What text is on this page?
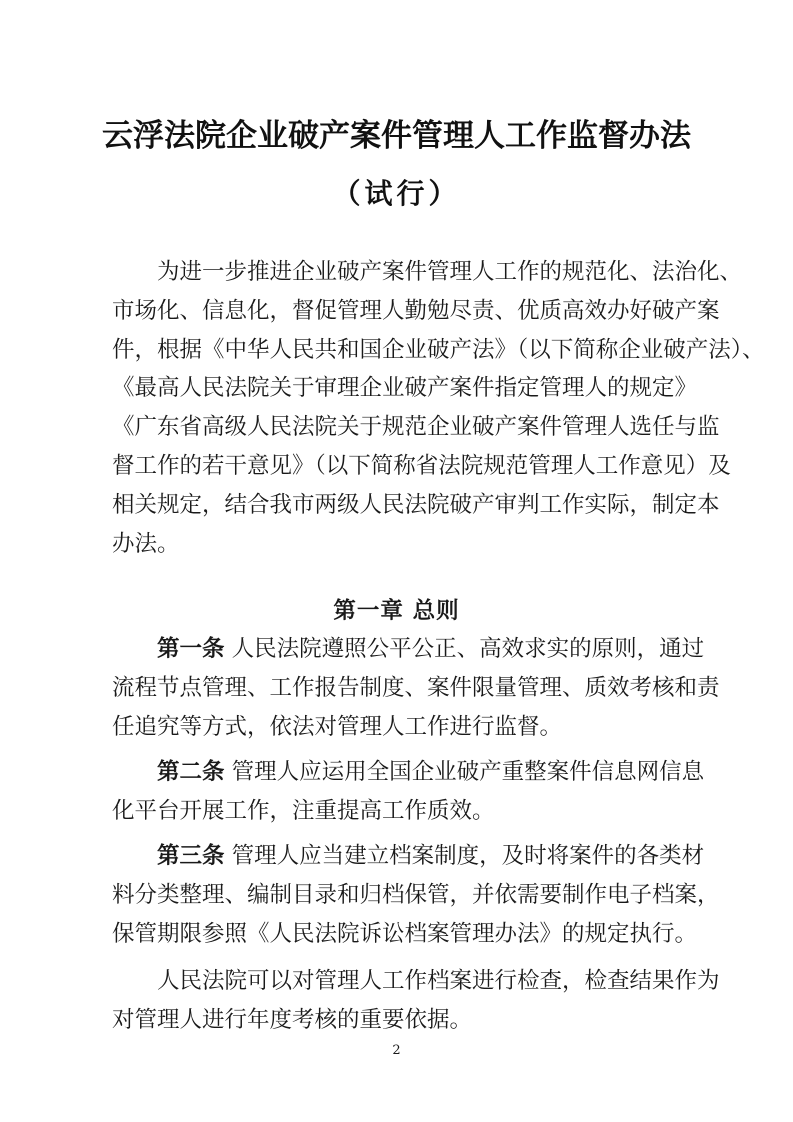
云浮法院企业破产案件管理人工作监督办法
（试行）
为进一步推进企业破产案件管理人工作的规范化、法治化、
市场化、信息化，督促管理人勤勉尽责、优质高效办好破产案
件，根据《中华人民共和国企业破产法》（以下简称企业破产法）、
《最高人民法院关于审理企业破产案件指定管理人的规定》
《广东省高级人民法院关于规范企业破产案件管理人选任与监
督工作的若干意见》（以下简称省法院规范管理人工作意见）及
相关规定，结合我市两级人民法院破产审判工作实际，制定本
办法。
第一章 总则
第一条 人民法院遵照公平公正、高效求实的原则，通过
流程节点管理、工作报告制度、案件限量管理、质效考核和责
任追究等方式，依法对管理人工作进行监督。
第二条 管理人应运用全国企业破产重整案件信息网信息
化平台开展工作，注重提高工作质效。
第三条 管理人应当建立档案制度，及时将案件的各类材
料分类整理、编制目录和归档保管，并依需要制作电子档案，
保管期限参照《人民法院诉讼档案管理办法》的规定执行。
人民法院可以对管理人工作档案进行检查，检查结果作为
对管理人进行年度考核的重要依据。
2
